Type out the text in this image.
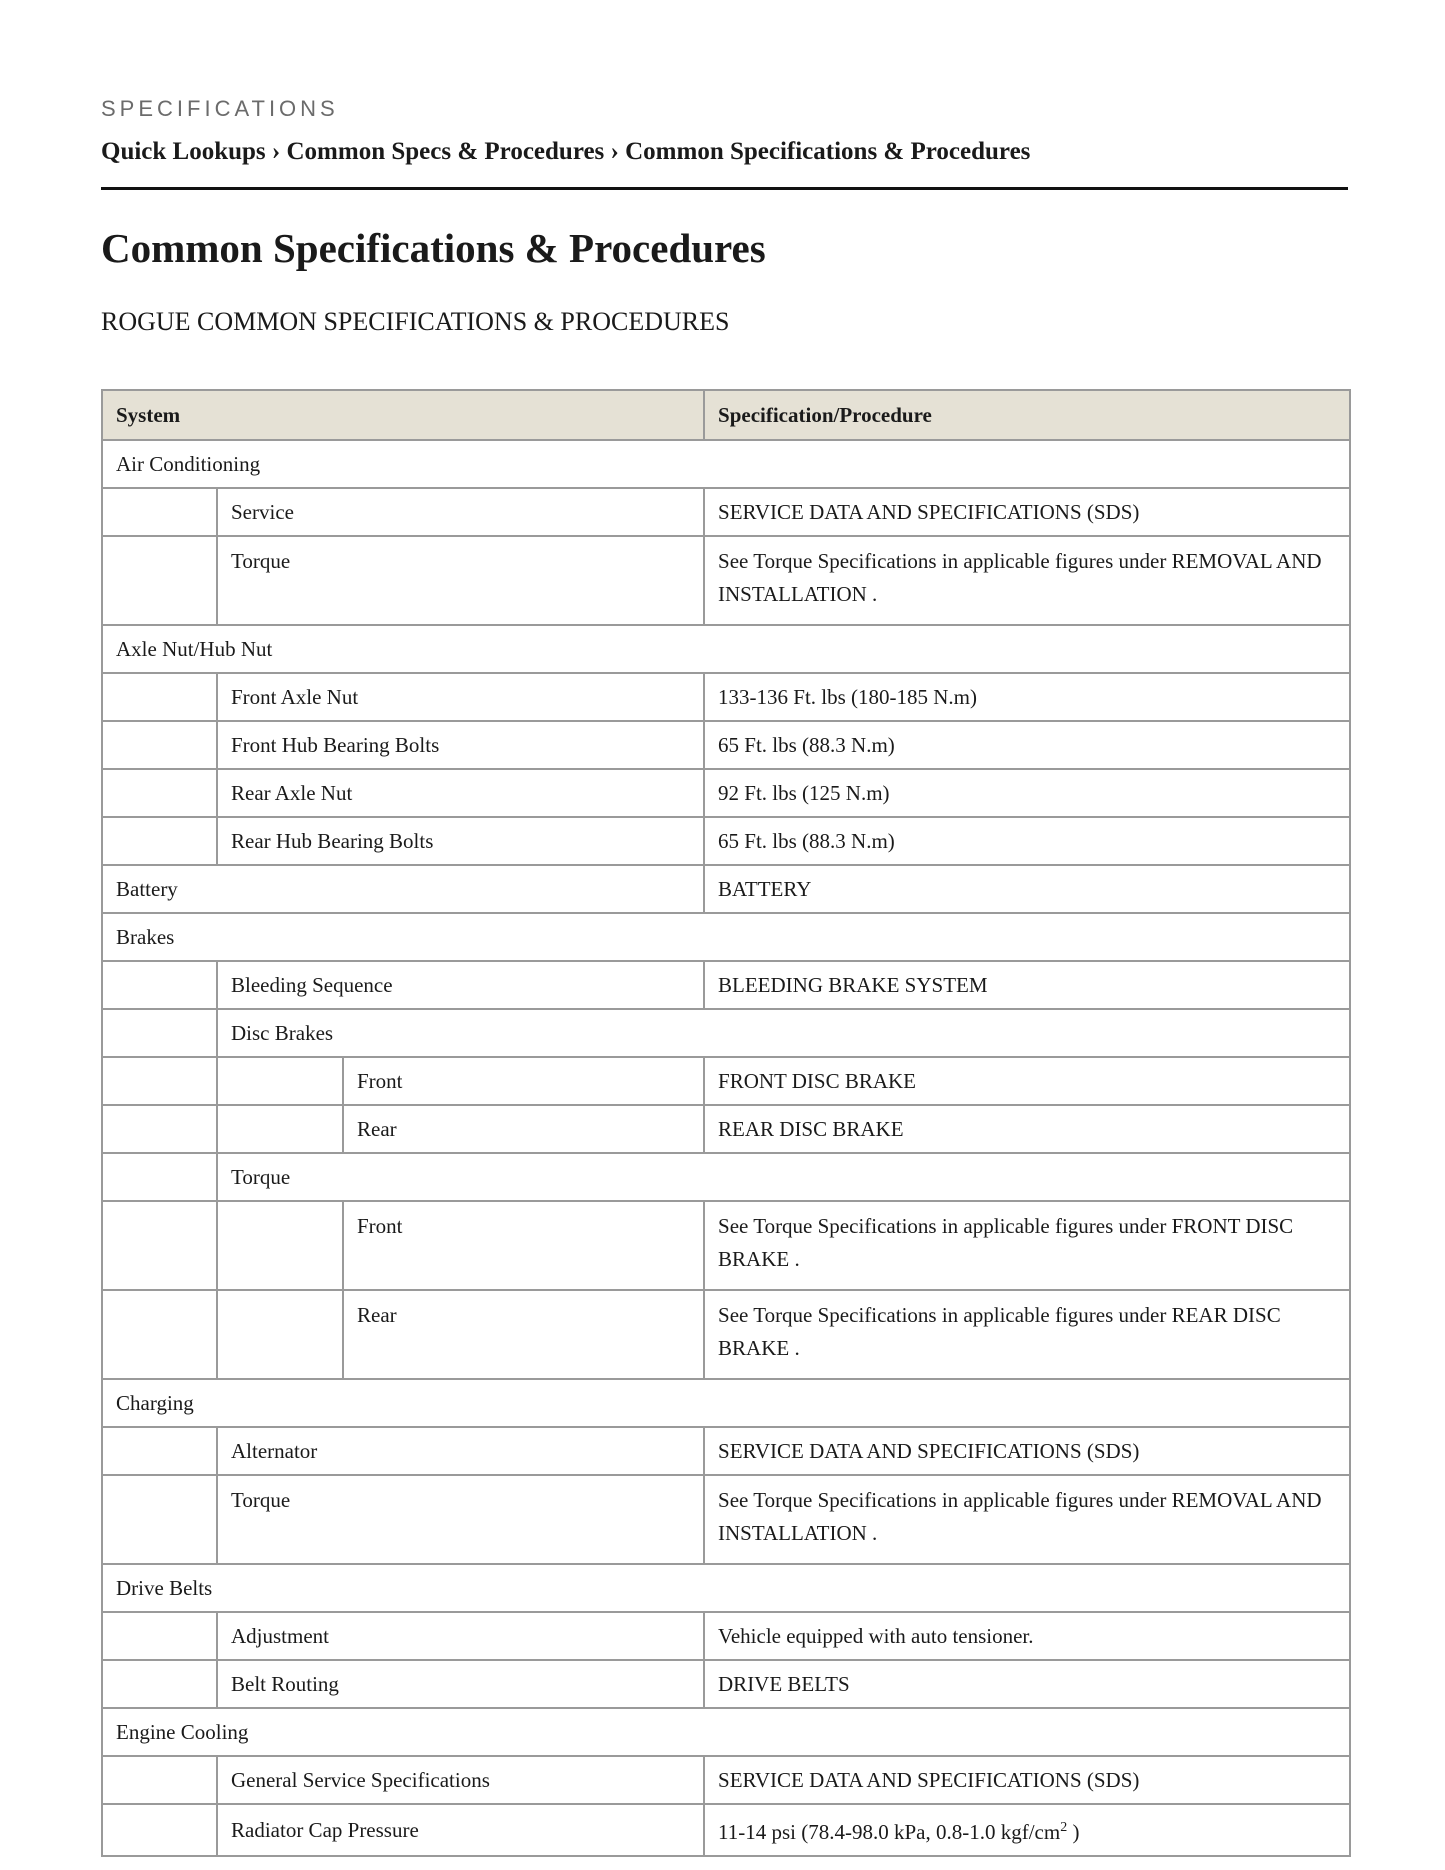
SPECIFICATIONS
Quick Lookups › Common Specs & Procedures › Common Specifications & Procedures
Common Specifications & Procedures
ROGUE COMMON SPECIFICATIONS & PROCEDURES
System			Specification/Procedure
Air Conditioning			
	Service		SERVICE DATA AND SPECIFICATIONS (SDS)
	Torque		See Torque Specifications in applicable figures under REMOVAL AND INSTALLATION .
Axle Nut/Hub Nut			
	Front Axle Nut		133-136 Ft. lbs (180-185 N.m)
	Front Hub Bearing Bolts		65 Ft. lbs (88.3 N.m)
	Rear Axle Nut		92 Ft. lbs (125 N.m)
	Rear Hub Bearing Bolts		65 Ft. lbs (88.3 N.m)
Battery			BATTERY
Brakes			
	Bleeding Sequence		BLEEDING BRAKE SYSTEM
	Disc Brakes		
		Front	FRONT DISC BRAKE
		Rear	REAR DISC BRAKE
	Torque		
		Front	See Torque Specifications in applicable figures under FRONT DISC BRAKE .
		Rear	See Torque Specifications in applicable figures under REAR DISC BRAKE .
Charging			
	Alternator		SERVICE DATA AND SPECIFICATIONS (SDS)
	Torque		See Torque Specifications in applicable figures under REMOVAL AND INSTALLATION .
Drive Belts			
	Adjustment		Vehicle equipped with auto tensioner.
	Belt Routing		DRIVE BELTS
Engine Cooling			
	General Service Specifications		SERVICE DATA AND SPECIFICATIONS (SDS)
	Radiator Cap Pressure		11-14 psi (78.4-98.0 kPa, 0.8-1.0 kgf/$cm^2$ )
